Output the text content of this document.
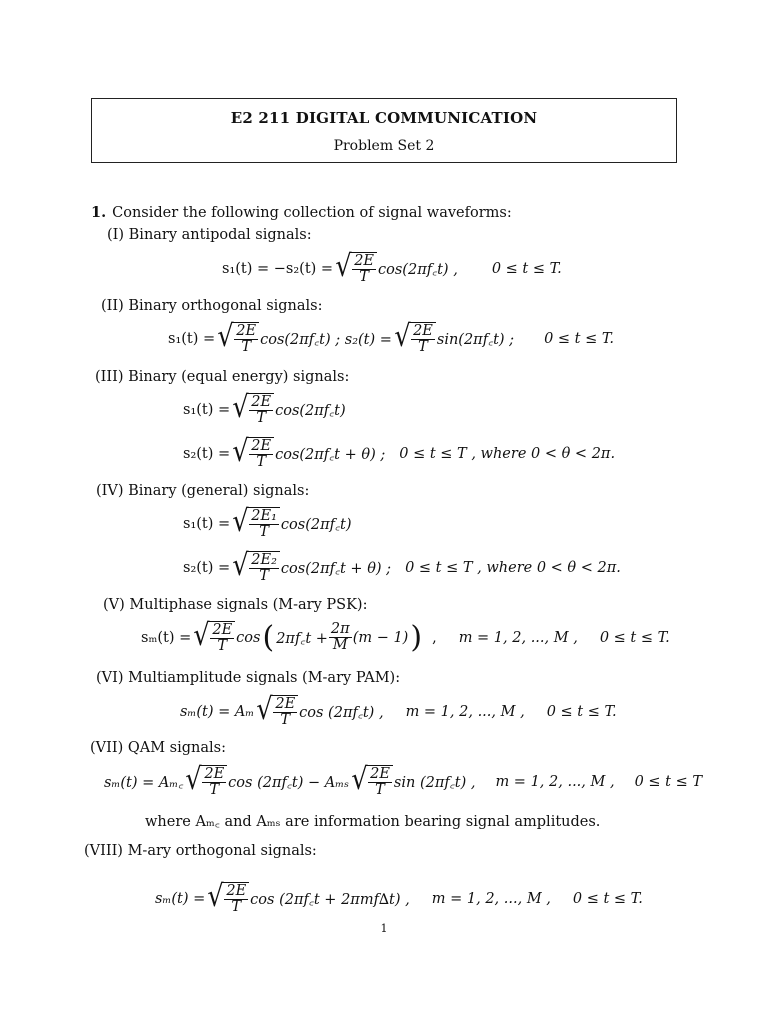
E2 211 DIGITAL COMMUNICATION
Problem Set 2
1. Consider the following collection of signal waveforms:
(I) Binary antipodal signals:
s₁(t) = −s₂(t) = √ $\frac{2E}{T}$ cos(2πf꜀t) , 0 ≤ t ≤ T.
(II) Binary orthogonal signals:
s₁(t) = √ $\frac{2E}{T}$ cos(2πf꜀t) ; s₂(t) = √ $\frac{2E}{T}$ sin(2πf꜀t) ; 0 ≤ t ≤ T.
(III) Binary (equal energy) signals:
s₁(t) = √ $\frac{2E}{T}$ cos(2πf꜀t)
s₂(t) = √ $\frac{2E}{T}$ cos(2πf꜀t + θ) ; 0 ≤ t ≤ T , where 0 < θ < 2π.
(IV) Binary (general) signals:
s₁(t) = √ $\frac{\text{2E₁}}{T}$ cos(2πf꜀t)
s₂(t) = √ $\frac{\text{2E₂}}{T}$ cos(2πf꜀t + θ) ; 0 ≤ t ≤ T , where 0 < θ < 2π.
(V) Multiphase signals (M-ary PSK):
sₘ(t) = √ $\frac{2E}{T}$ cos ( 2πf꜀t + $\frac{2\pi}{M} (m - 1)$ ) , m = 1, 2, ..., M , 0 ≤ t ≤ T.
(VI) Multiamplitude signals (M-ary PAM):
sₘ(t) = Aₘ √ $\frac{2E}{T}$ cos (2πf꜀t) , m = 1, 2, ..., M , 0 ≤ t ≤ T.
(VII) QAM signals:
sₘ(t) = Aₘ꜀ √ $\frac{2E}{T}$ cos (2πf꜀t) − Aₘₛ √ $\frac{2E}{T}$ sin (2πf꜀t) , m = 1, 2, ..., M , 0 ≤ t ≤ T
where Aₘ꜀ and Aₘₛ are information bearing signal amplitudes.
(VIII) M-ary orthogonal signals:
sₘ(t) = √ $\frac{2E}{T}$ cos (2πf꜀t + 2πmf∆t) , m = 1, 2, ..., M , 0 ≤ t ≤ T.
1
